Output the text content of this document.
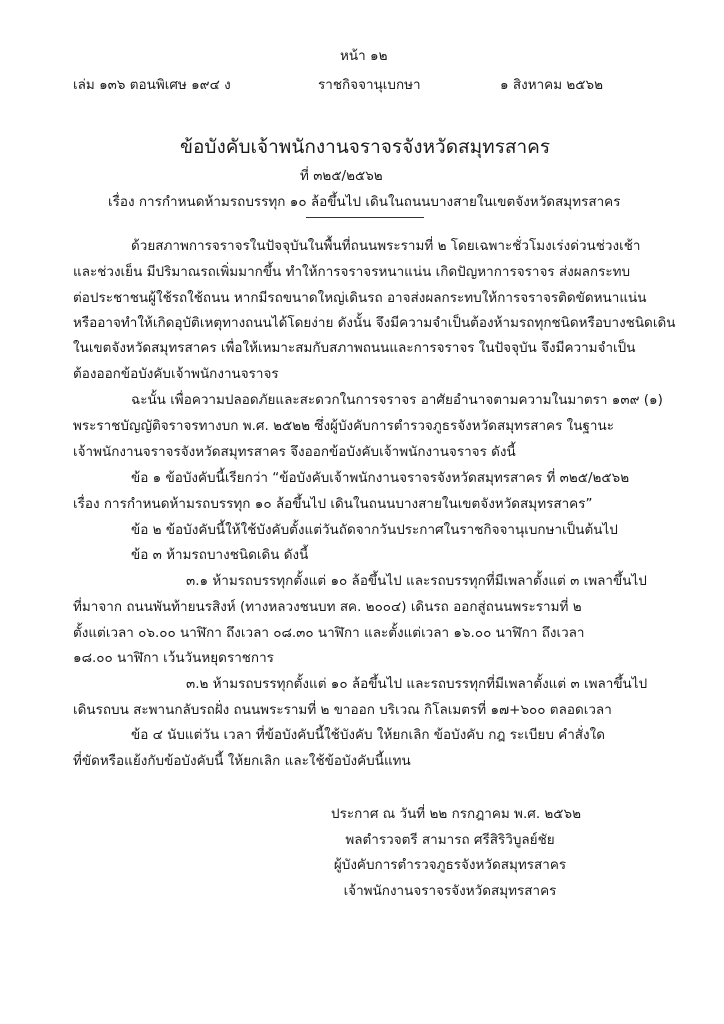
หน้า ๑๒
เล่ม ๑๓๖ ตอนพิเศษ ๑๙๔ ง	ราชกิจจานุเบกษา	๑ สิงหาคม ๒๕๖๒
ข้อบังคับเจ้าพนักงานจราจรจังหวัดสมุทรสาคร
ที่ ๓๒๕/๒๕๖๒
เรื่อง การกำหนดห้ามรถบรรทุก ๑๐ ล้อขึ้นไป เดินในถนนบางสายในเขตจังหวัดสมุทรสาคร
ด้วยสภาพการจราจรในปัจจุบันในพื้นที่ถนนพระรามที่ ๒ โดยเฉพาะชั่วโมงเร่งด่วนช่วงเช้า
และช่วงเย็น มีปริมาณรถเพิ่มมากขึ้น ทำให้การจราจรหนาแน่น เกิดปัญหาการจราจร ส่งผลกระทบ
ต่อประชาชนผู้ใช้รถใช้ถนน หากมีรถขนาดใหญ่เดินรถ อาจส่งผลกระทบให้การจราจรติดขัดหนาแน่น
หรืออาจทำให้เกิดอุบัติเหตุทางถนนได้โดยง่าย ดังนั้น จึงมีความจำเป็นต้องห้ามรถทุกชนิดหรือบางชนิดเดิน
ในเขตจังหวัดสมุทรสาคร เพื่อให้เหมาะสมกับสภาพถนนและการจราจร ในปัจจุบัน จึงมีความจำเป็น
ต้องออกข้อบังคับเจ้าพนักงานจราจร
ฉะนั้น เพื่อความปลอดภัยและสะดวกในการจราจร อาศัยอำนาจตามความในมาตรา ๑๓๙ (๑)
พระราชบัญญัติจราจรทางบก พ.ศ. ๒๕๒๒ ซึ่งผู้บังคับการตำรวจภูธรจังหวัดสมุทรสาคร ในฐานะ
เจ้าพนักงานจราจรจังหวัดสมุทรสาคร จึงออกข้อบังคับเจ้าพนักงานจราจร ดังนี้
ข้อ ๑ ข้อบังคับนี้เรียกว่า “ข้อบังคับเจ้าพนักงานจราจรจังหวัดสมุทรสาคร ที่ ๓๒๕/๒๕๖๒
เรื่อง การกำหนดห้ามรถบรรทุก ๑๐ ล้อขึ้นไป เดินในถนนบางสายในเขตจังหวัดสมุทรสาคร”
ข้อ ๒ ข้อบังคับนี้ให้ใช้บังคับตั้งแต่วันถัดจากวันประกาศในราชกิจจานุเบกษาเป็นต้นไป
ข้อ ๓ ห้ามรถบางชนิดเดิน ดังนี้
๓.๑ ห้ามรถบรรทุกตั้งแต่ ๑๐ ล้อขึ้นไป และรถบรรทุกที่มีเพลาตั้งแต่ ๓ เพลาขึ้นไป
ที่มาจาก ถนนพันท้ายนรสิงห์ (ทางหลวงชนบท สค. ๒๐๐๔) เดินรถ ออกสู่ถนนพระรามที่ ๒
ตั้งแต่เวลา ๐๖.๐๐ นาฬิกา ถึงเวลา ๐๘.๓๐ นาฬิกา และตั้งแต่เวลา ๑๖.๐๐ นาฬิกา ถึงเวลา
๑๘.๐๐ นาฬิกา เว้นวันหยุดราชการ
๓.๒ ห้ามรถบรรทุกตั้งแต่ ๑๐ ล้อขึ้นไป และรถบรรทุกที่มีเพลาตั้งแต่ ๓ เพลาขึ้นไป
เดินรถบน สะพานกลับรถฝั่ง ถนนพระรามที่ ๒ ขาออก บริเวณ กิโลเมตรที่ ๑๗+๖๐๐ ตลอดเวลา
ข้อ ๔ นับแต่วัน เวลา ที่ข้อบังคับนี้ใช้บังคับ ให้ยกเลิก ข้อบังคับ กฎ ระเบียบ คำสั่งใด
ที่ขัดหรือแย้งกับข้อบังคับนี้ ให้ยกเลิก และใช้ข้อบังคับนี้แทน
ประกาศ ณ วันที่ ๒๒ กรกฎาคม พ.ศ. ๒๕๖๒
พลตำรวจตรี สามารถ ศรีสิริวิบูลย์ชัย
ผู้บังคับการตำรวจภูธรจังหวัดสมุทรสาคร
เจ้าพนักงานจราจรจังหวัดสมุทรสาคร
